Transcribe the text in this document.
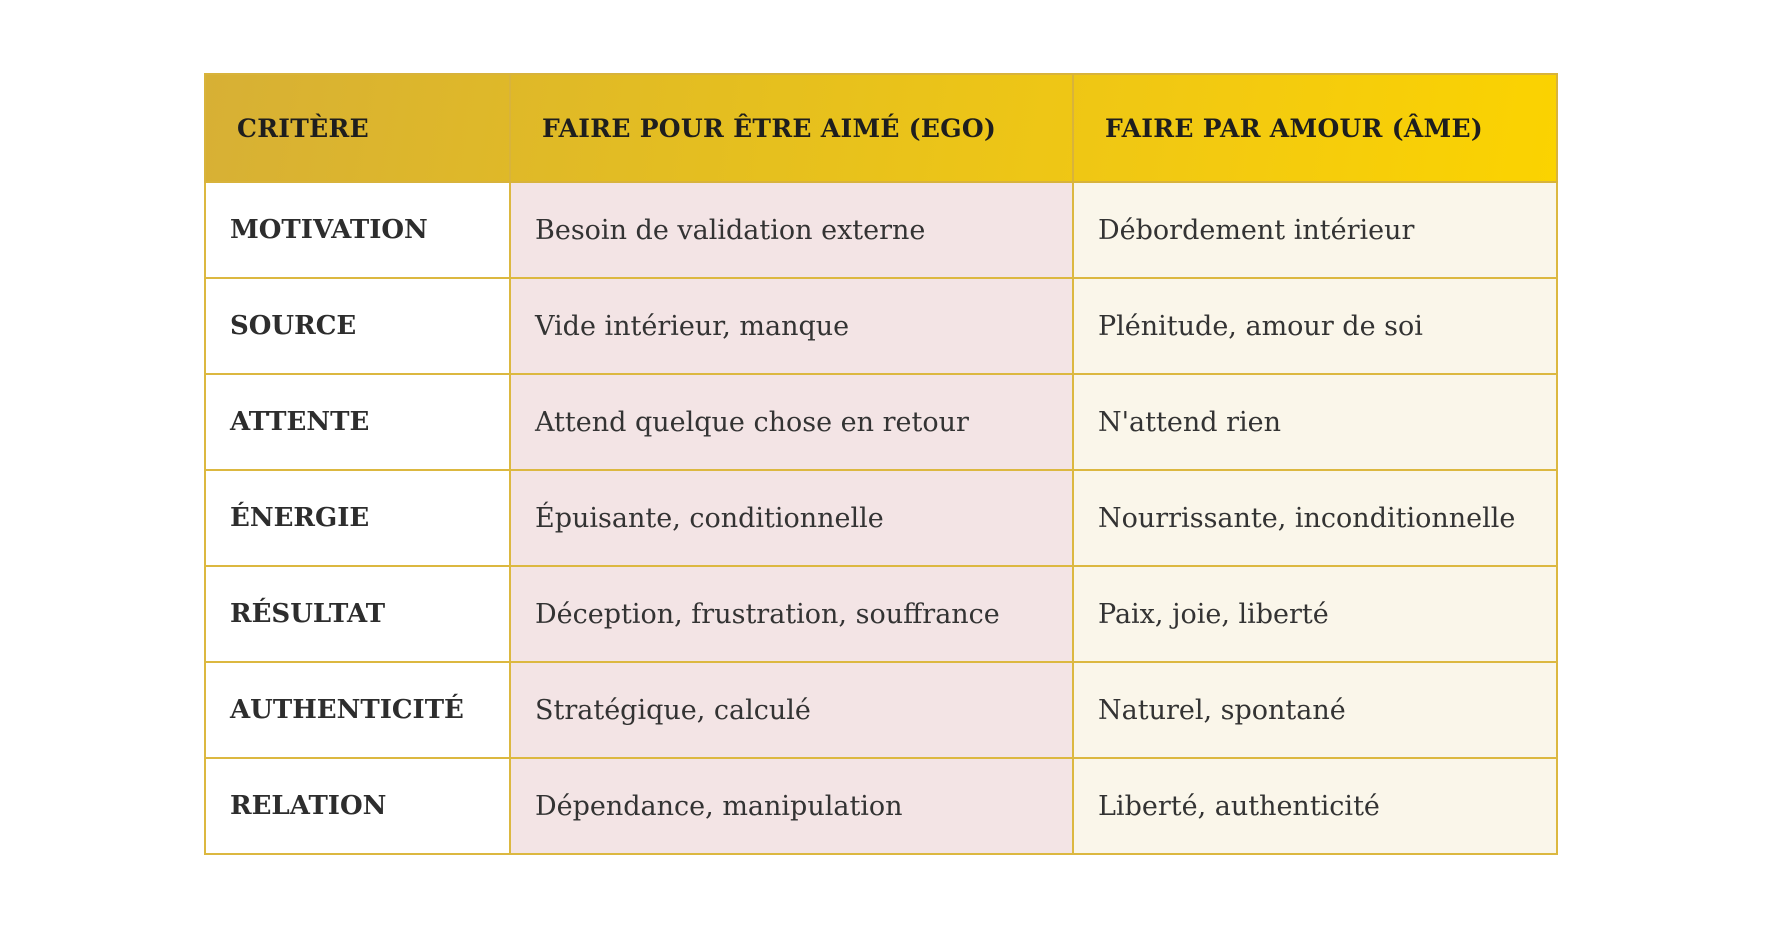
CRITÈRE	FAIRE POUR ÊTRE AIMÉ (EGO)	FAIRE PAR AMOUR (ÂME)
MOTIVATION	Besoin de validation externe	Débordement intérieur
SOURCE	Vide intérieur, manque	Plénitude, amour de soi
ATTENTE	Attend quelque chose en retour	N'attend rien
ÉNERGIE	Épuisante, conditionnelle	Nourrissante, inconditionnelle
RÉSULTAT	Déception, frustration, souffrance	Paix, joie, liberté
AUTHENTICITÉ	Stratégique, calculé	Naturel, spontané
RELATION	Dépendance, manipulation	Liberté, authenticité
